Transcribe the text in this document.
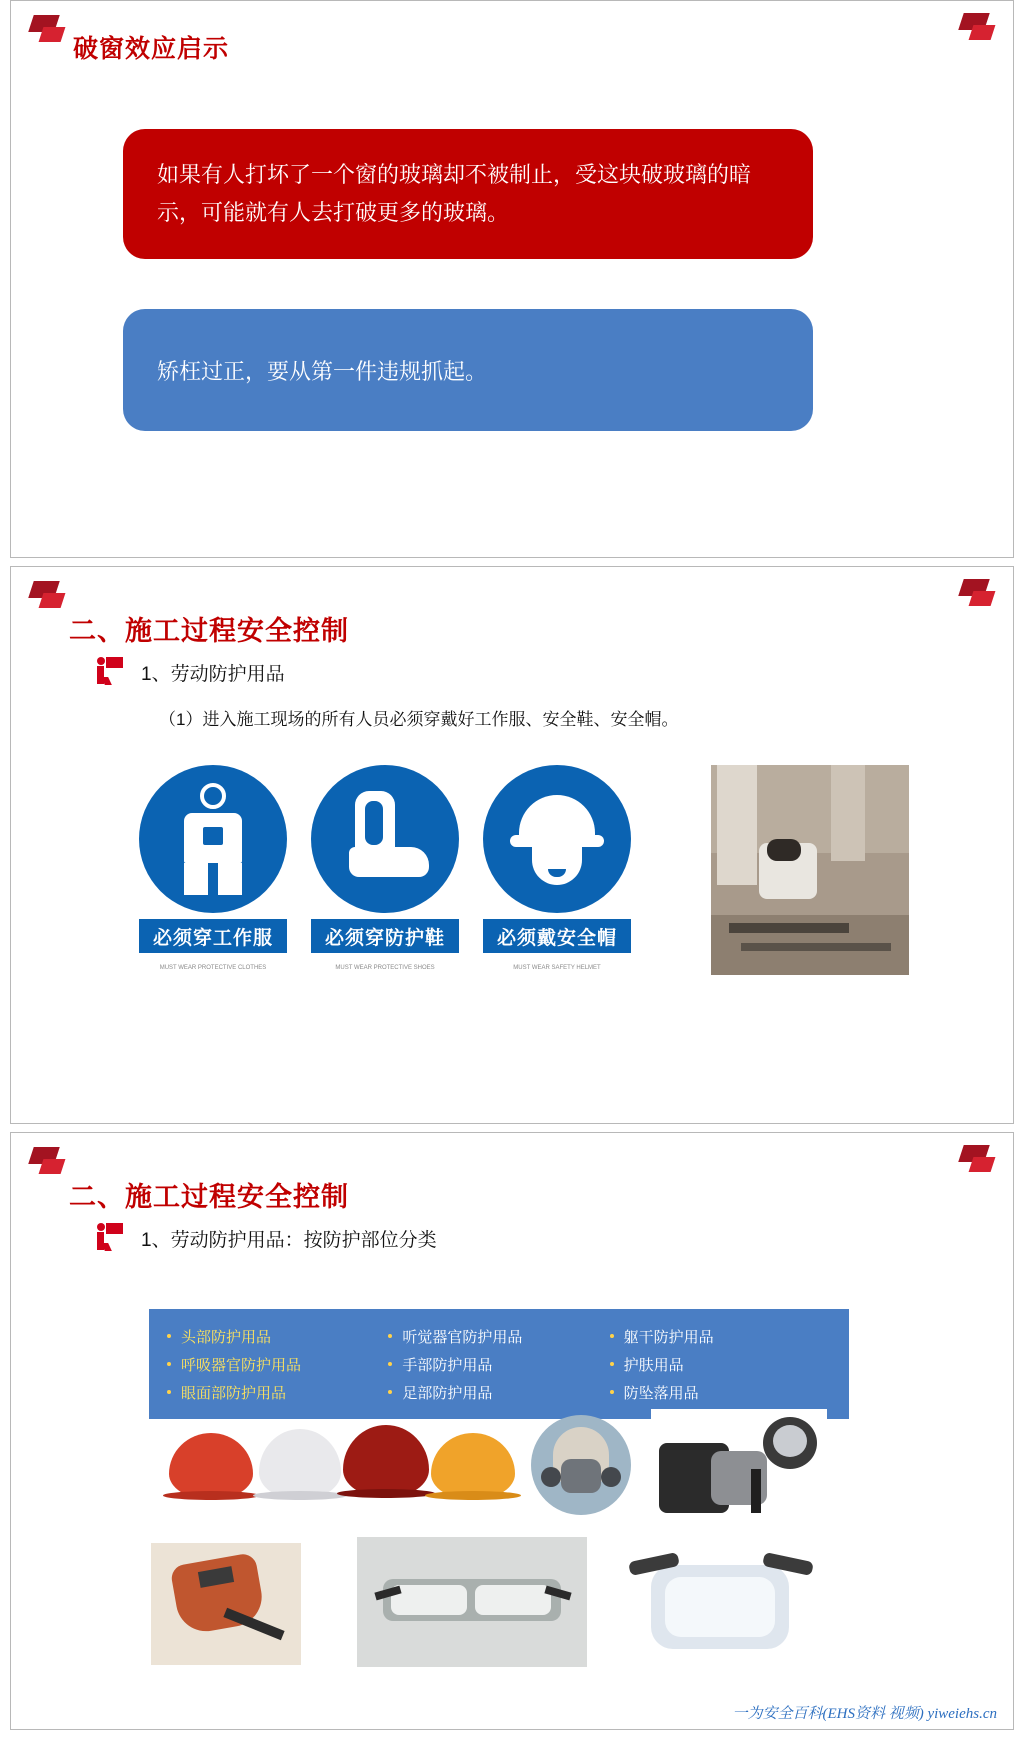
破窗效应启示
如果有人打坏了一个窗的玻璃却不被制止，受这块破玻璃的暗示，可能就有人去打破更多的玻璃。
矫枉过正，要从第一件违规抓起。
二、施工过程安全控制
1、劳动防护用品
（1）进入施工现场的所有人员必须穿戴好工作服、安全鞋、安全帽。
必须穿工作服
MUST WEAR PROTECTIVE CLOTHES
必须穿防护鞋
MUST WEAR PROTECTIVE SHOES
必须戴安全帽
MUST WEAR SAFETY HELMET
二、施工过程安全控制
1、劳动防护用品：按防护部位分类
头部防护用品	听觉器官防护用品	躯干防护用品
呼吸器官防护用品	手部防护用品	护肤用品
眼面部防护用品	足部防护用品	防坠落用品
一为安全百科(EHS资料 视频) yiweiehs.cn
